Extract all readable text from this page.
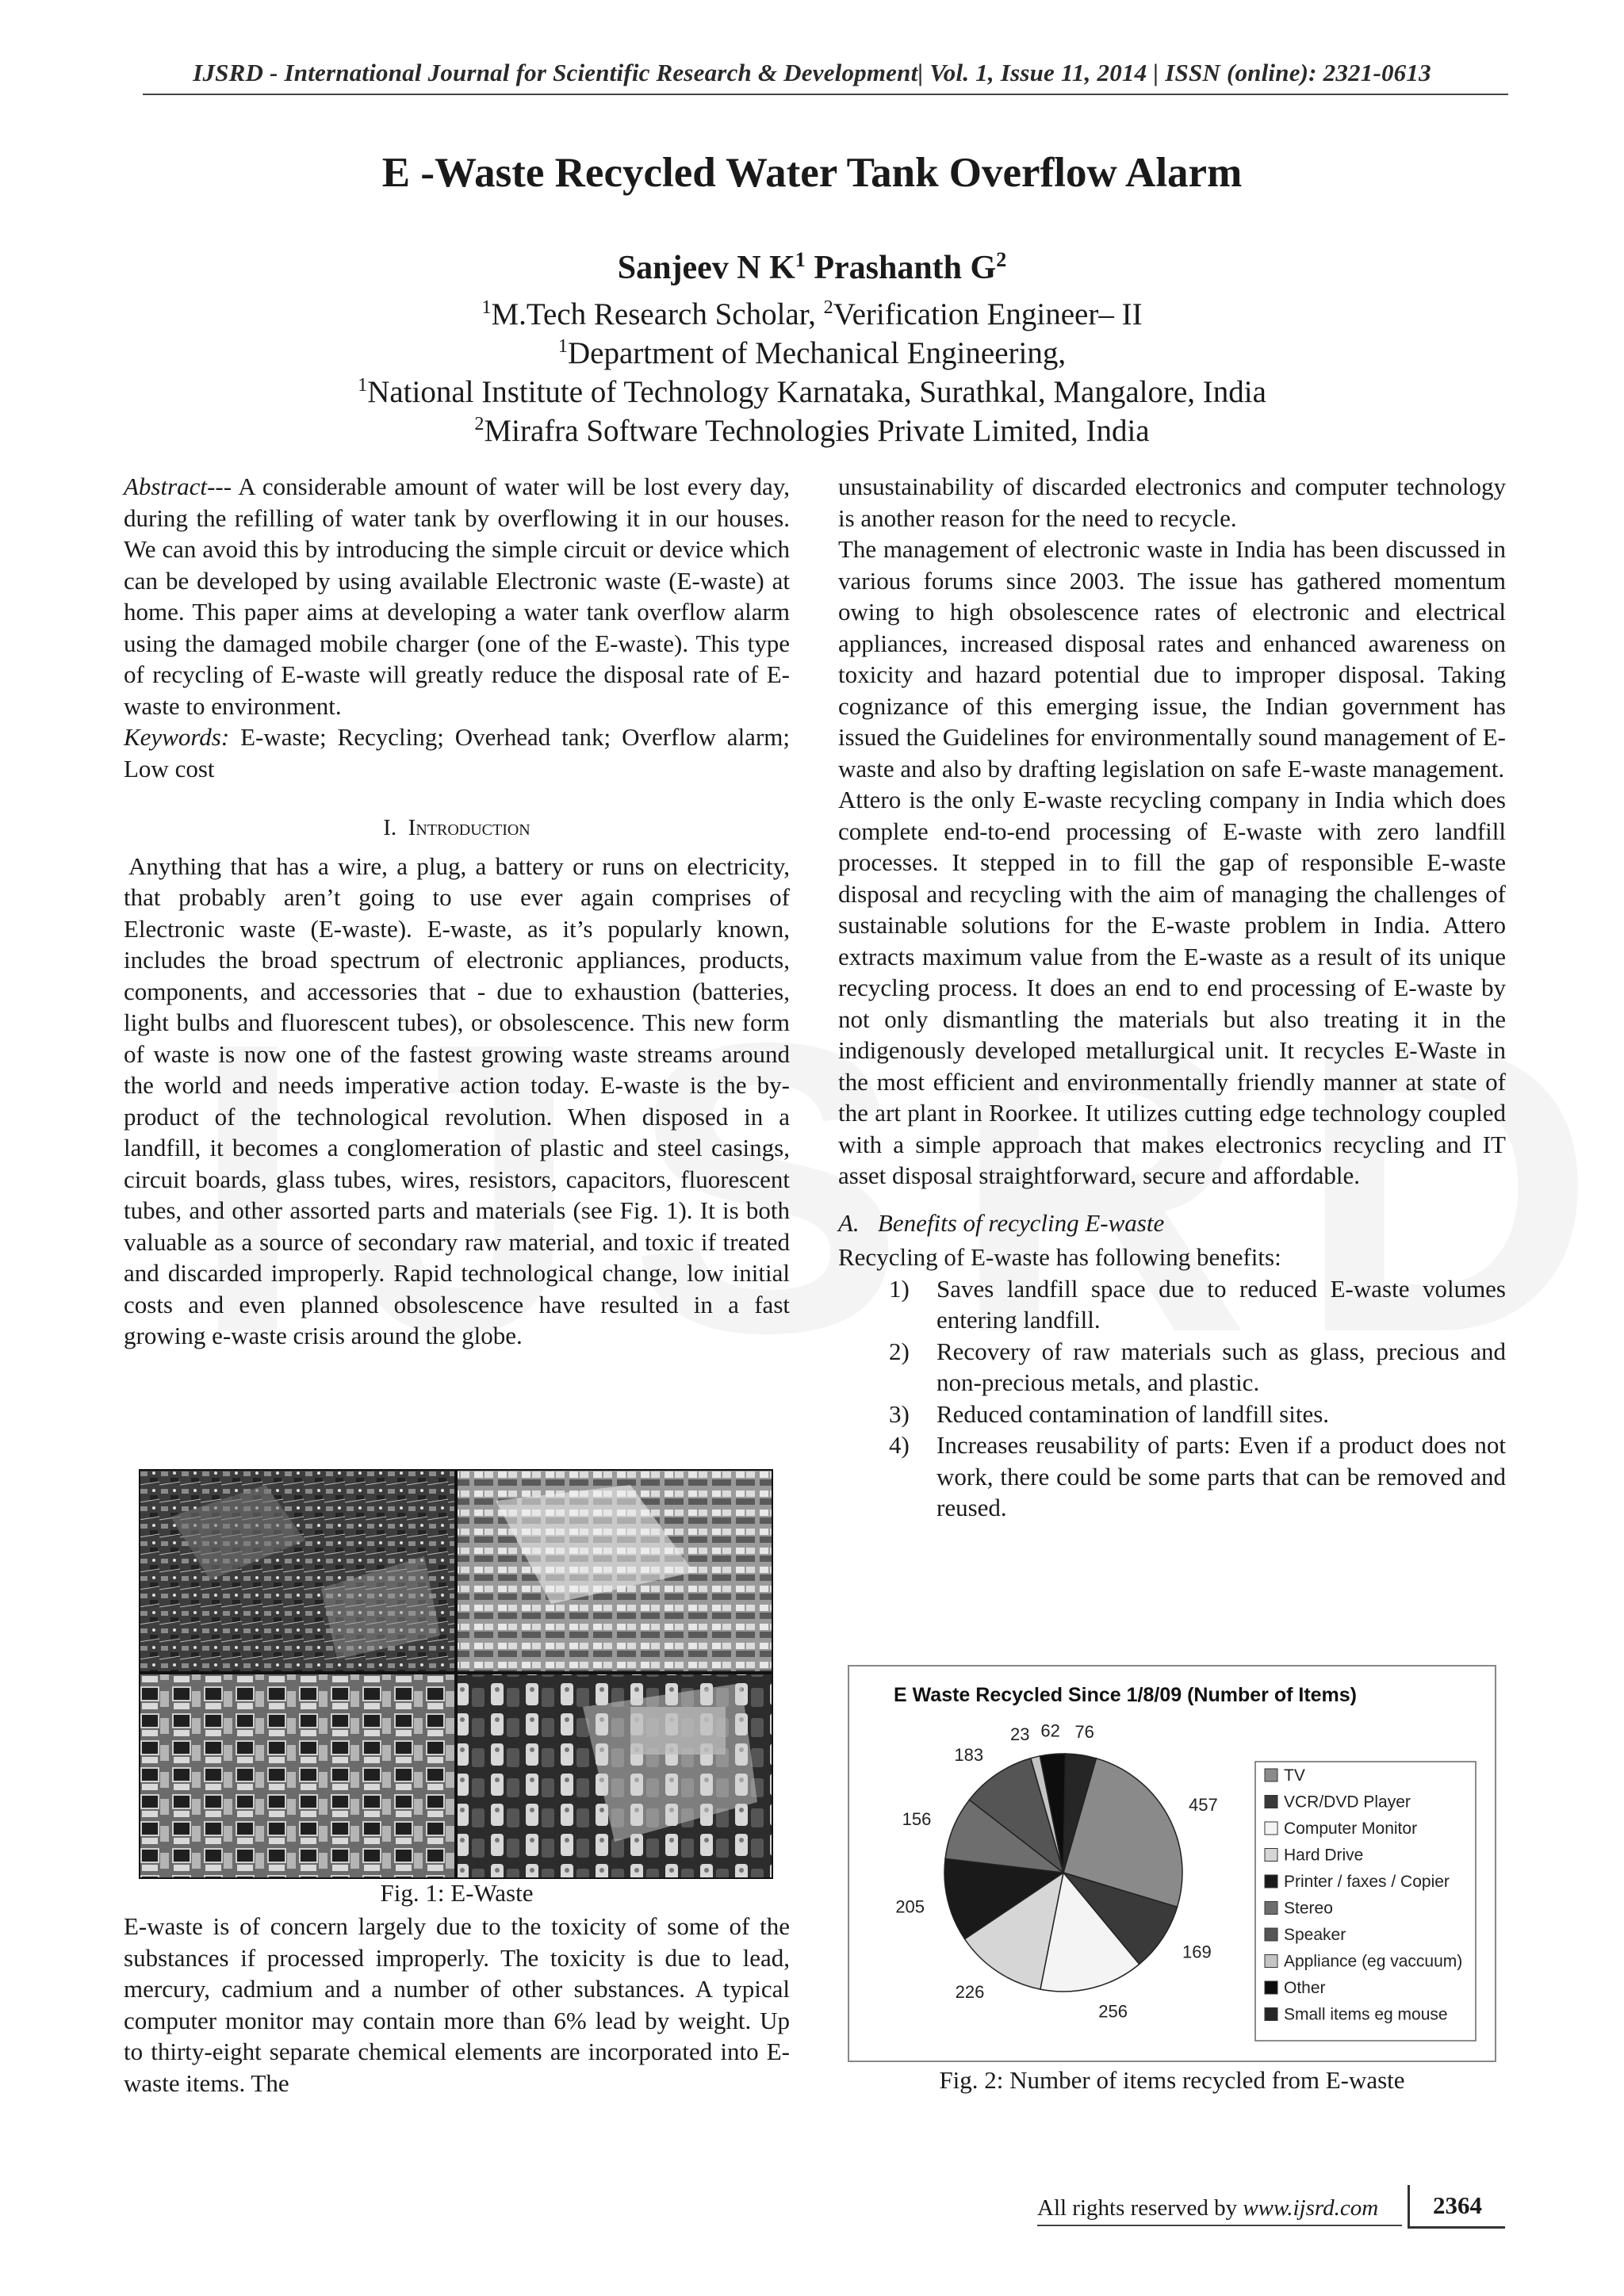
IJSRD - International Journal for Scientific Research & Development| Vol. 1, Issue 11, 2014 | ISSN (online): 2321-0613
E -Waste Recycled Water Tank Overflow Alarm
Sanjeev N $K^1$ Prashanth $G^2$
$^1$M.Tech Research Scholar, $^2$Verification Engineer– II
$^1$Department of Mechanical Engineering,
$^1$National Institute of Technology Karnataka, Surathkal, Mangalore, India
$^2$Mirafra Software Technologies Private Limited, India

Abstract--- A considerable amount of water will be lost every day, during the refilling of water tank by overflowing it in our houses. We can avoid this by introducing the simple circuit or device which can be developed by using available Electronic waste (E-waste) at home. This paper aims at developing a water tank overflow alarm using the damaged mobile charger (one of the E-waste). This type of recycling of E-waste will greatly reduce the disposal rate of E-waste to environment.

Keywords: E-waste; Recycling; Overhead tank; Overflow alarm; Low cost

I. Introduction

Anything that has a wire, a plug, a battery or runs on electricity, that probably aren’t going to use ever again comprises of Electronic waste (E-waste). E-waste, as it’s popularly known, includes the broad spectrum of electronic appliances, products, components, and accessories that - due to exhaustion (batteries, light bulbs and fluorescent tubes), or obsolescence. This new form of waste is now one of the fastest growing waste streams around the world and needs imperative action today. E-waste is the by-product of the technological revolution. When disposed in a landfill, it becomes a conglomeration of plastic and steel casings, circuit boards, glass tubes, wires, resistors, capacitors, fluorescent tubes, and other assorted parts and materials (see Fig. 1). It is both valuable as a source of secondary raw material, and toxic if treated and discarded improperly. Rapid technological change, low initial costs and even planned obsolescence have resulted in a fast growing e-waste crisis around the globe.

Fig. 1: E-Waste

E-waste is of concern largely due to the toxicity of some of the substances if processed improperly. The toxicity is due to lead, mercury, cadmium and a number of other substances. A typical computer monitor may contain more than 6% lead by weight. Up to thirty-eight separate chemical elements are incorporated into E-waste items. The

unsustainability of discarded electronics and computer technology is another reason for the need to recycle.

The management of electronic waste in India has been discussed in various forums since 2003. The issue has gathered momentum owing to high obsolescence rates of electronic and electrical appliances, increased disposal rates and enhanced awareness on toxicity and hazard potential due to improper disposal. Taking cognizance of this emerging issue, the Indian government has issued the Guidelines for environmentally sound management of E-waste and also by drafting legislation on safe E-waste management.

Attero is the only E-waste recycling company in India which does complete end-to-end processing of E-waste with zero landfill processes. It stepped in to fill the gap of responsible E-waste disposal and recycling with the aim of managing the challenges of sustainable solutions for the E-waste problem in India. Attero extracts maximum value from the E-waste as a result of its unique recycling process. It does an end to end processing of E-waste by not only dismantling the materials but also treating it in the indigenously developed metallurgical unit. It recycles E-Waste in the most efficient and environmentally friendly manner at state of the art plant in Roorkee. It utilizes cutting edge technology coupled with a simple approach that makes electronics recycling and IT asset disposal straightforward, secure and affordable.

A.   Benefits of recycling E-waste

Recycling of E-waste has following benefits:

1) Saves landfill space due to reduced E-waste volumes entering landfill.
2) Recovery of raw materials such as glass, precious and non-precious metals, and plastic.
3) Reduced contamination of landfill sites.
4) Increases reusability of parts: Even if a product does not work, there could be some parts that can be removed and reused.
E Waste Recycled Since 1/8/09 (Number of Items)
457
169
256
226
205
156
183
23 62 76
TV
VCR/DVD Player
Computer Monitor
Hard Drive
Printer / faxes / Copier
Stereo
Speaker
Appliance (eg vaccuum)
Other
Small items eg mouse
Fig. 2: Number of items recycled from E-waste
All rights reserved by www.ijsrd.com	2364
